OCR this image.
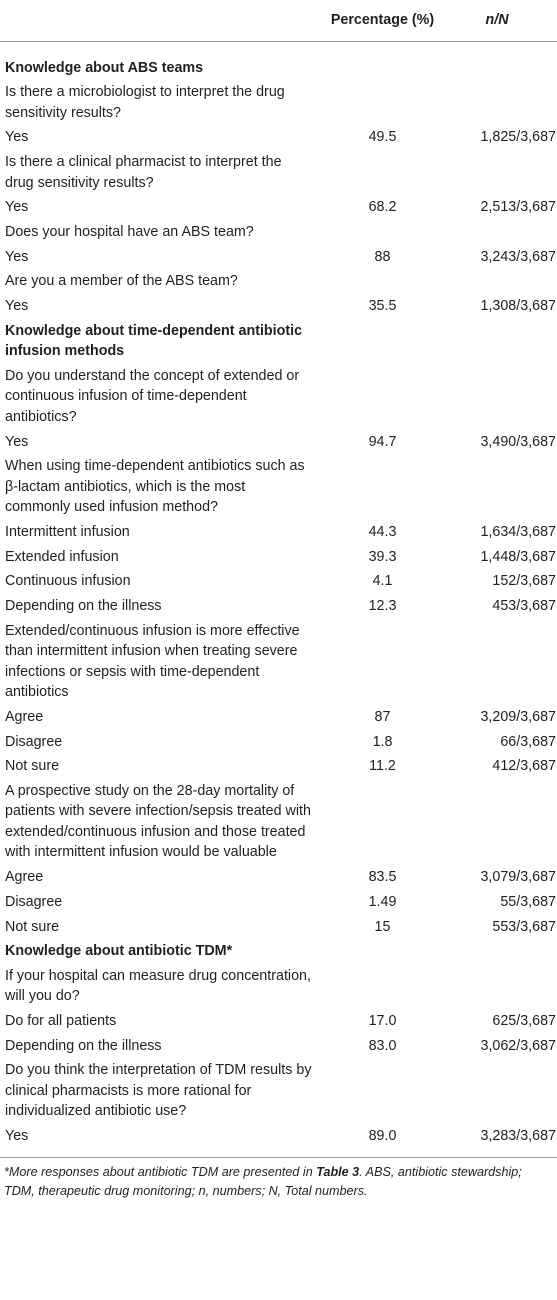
	Percentage (%)	n/N
Knowledge about ABS teams		
Is there a microbiologist to interpret the drug sensitivity results?		
Yes	49.5	1,825/3,687
Is there a clinical pharmacist to interpret the drug sensitivity results?		
Yes	68.2	2,513/3,687
Does your hospital have an ABS team?		
Yes	88	3,243/3,687
Are you a member of the ABS team?		
Yes	35.5	1,308/3,687
Knowledge about time-dependent antibiotic infusion methods		
Do you understand the concept of extended or continuous infusion of time-dependent antibiotics?		
Yes	94.7	3,490/3,687
When using time-dependent antibiotics such as β-lactam antibiotics, which is the most commonly used infusion method?		
Intermittent infusion	44.3	1,634/3,687
Extended infusion	39.3	1,448/3,687
Continuous infusion	4.1	152/3,687
Depending on the illness	12.3	453/3,687
Extended/continuous infusion is more effective than intermittent infusion when treating severe infections or sepsis with time-dependent antibiotics		
Agree	87	3,209/3,687
Disagree	1.8	66/3,687
Not sure	11.2	412/3,687
A prospective study on the 28-day mortality of patients with severe infection/sepsis treated with extended/continuous infusion and those treated with intermittent infusion would be valuable		
Agree	83.5	3,079/3,687
Disagree	1.49	55/3,687
Not sure	15	553/3,687
Knowledge about antibiotic TDM*		
If your hospital can measure drug concentration, will you do?		
Do for all patients	17.0	625/3,687
Depending on the illness	83.0	3,062/3,687
Do you think the interpretation of TDM results by clinical pharmacists is more rational for individualized antibiotic use?		
Yes	89.0	3,283/3,687
*More responses about antibiotic TDM are presented in Table 3. ABS, antibiotic stewardship; TDM, therapeutic drug monitoring; n, numbers; N, Total numbers.
